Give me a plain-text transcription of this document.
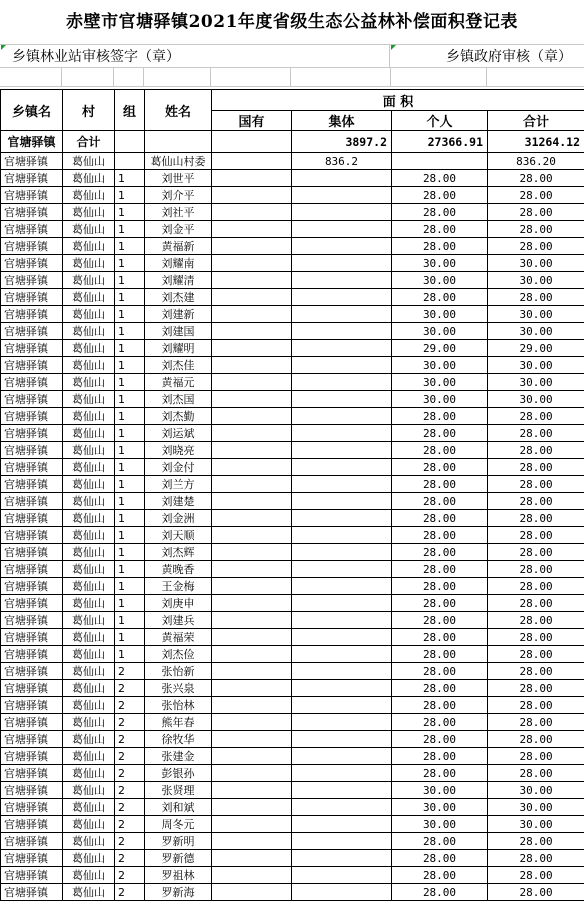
赤壁市官塘驿镇2021年度省级生态公益林补偿面积登记表
乡镇林业站审核签字（章）	乡镇政府审核（章）
乡镇名	村	组	姓名	面 积			
				国有	集体	个人	合计
官塘驿镇	合计				3897.2	27366.91	31264.12
官塘驿镇	葛仙山		葛仙山村委		836.2		836.20
官塘驿镇	葛仙山	1	刘世平			28.00	28.00
官塘驿镇	葛仙山	1	刘介平			28.00	28.00
官塘驿镇	葛仙山	1	刘社平			28.00	28.00
官塘驿镇	葛仙山	1	刘金平			28.00	28.00
官塘驿镇	葛仙山	1	黄福新			28.00	28.00
官塘驿镇	葛仙山	1	刘耀南			30.00	30.00
官塘驿镇	葛仙山	1	刘耀清			30.00	30.00
官塘驿镇	葛仙山	1	刘杰建			28.00	28.00
官塘驿镇	葛仙山	1	刘建新			30.00	30.00
官塘驿镇	葛仙山	1	刘建国			30.00	30.00
官塘驿镇	葛仙山	1	刘耀明			29.00	29.00
官塘驿镇	葛仙山	1	刘杰佳			30.00	30.00
官塘驿镇	葛仙山	1	黄福元			30.00	30.00
官塘驿镇	葛仙山	1	刘杰国			30.00	30.00
官塘驿镇	葛仙山	1	刘杰勤			28.00	28.00
官塘驿镇	葛仙山	1	刘运斌			28.00	28.00
官塘驿镇	葛仙山	1	刘晓亮			28.00	28.00
官塘驿镇	葛仙山	1	刘金付			28.00	28.00
官塘驿镇	葛仙山	1	刘兰方			28.00	28.00
官塘驿镇	葛仙山	1	刘建楚			28.00	28.00
官塘驿镇	葛仙山	1	刘金洲			28.00	28.00
官塘驿镇	葛仙山	1	刘天顺			28.00	28.00
官塘驿镇	葛仙山	1	刘杰辉			28.00	28.00
官塘驿镇	葛仙山	1	黄晚香			28.00	28.00
官塘驿镇	葛仙山	1	王金梅			28.00	28.00
官塘驿镇	葛仙山	1	刘庚申			28.00	28.00
官塘驿镇	葛仙山	1	刘建兵			28.00	28.00
官塘驿镇	葛仙山	1	黄福荣			28.00	28.00
官塘驿镇	葛仙山	1	刘杰俭			28.00	28.00
官塘驿镇	葛仙山	2	张怡新			28.00	28.00
官塘驿镇	葛仙山	2	张兴泉			28.00	28.00
官塘驿镇	葛仙山	2	张怡林			28.00	28.00
官塘驿镇	葛仙山	2	熊年春			28.00	28.00
官塘驿镇	葛仙山	2	徐牧华			28.00	28.00
官塘驿镇	葛仙山	2	张建金			28.00	28.00
官塘驿镇	葛仙山	2	彭银孙			28.00	28.00
官塘驿镇	葛仙山	2	张贤理			30.00	30.00
官塘驿镇	葛仙山	2	刘和斌			30.00	30.00
官塘驿镇	葛仙山	2	周冬元			30.00	30.00
官塘驿镇	葛仙山	2	罗新明			28.00	28.00
官塘驿镇	葛仙山	2	罗新德			28.00	28.00
官塘驿镇	葛仙山	2	罗祖林			28.00	28.00
官塘驿镇	葛仙山	2	罗新海			28.00	28.00
